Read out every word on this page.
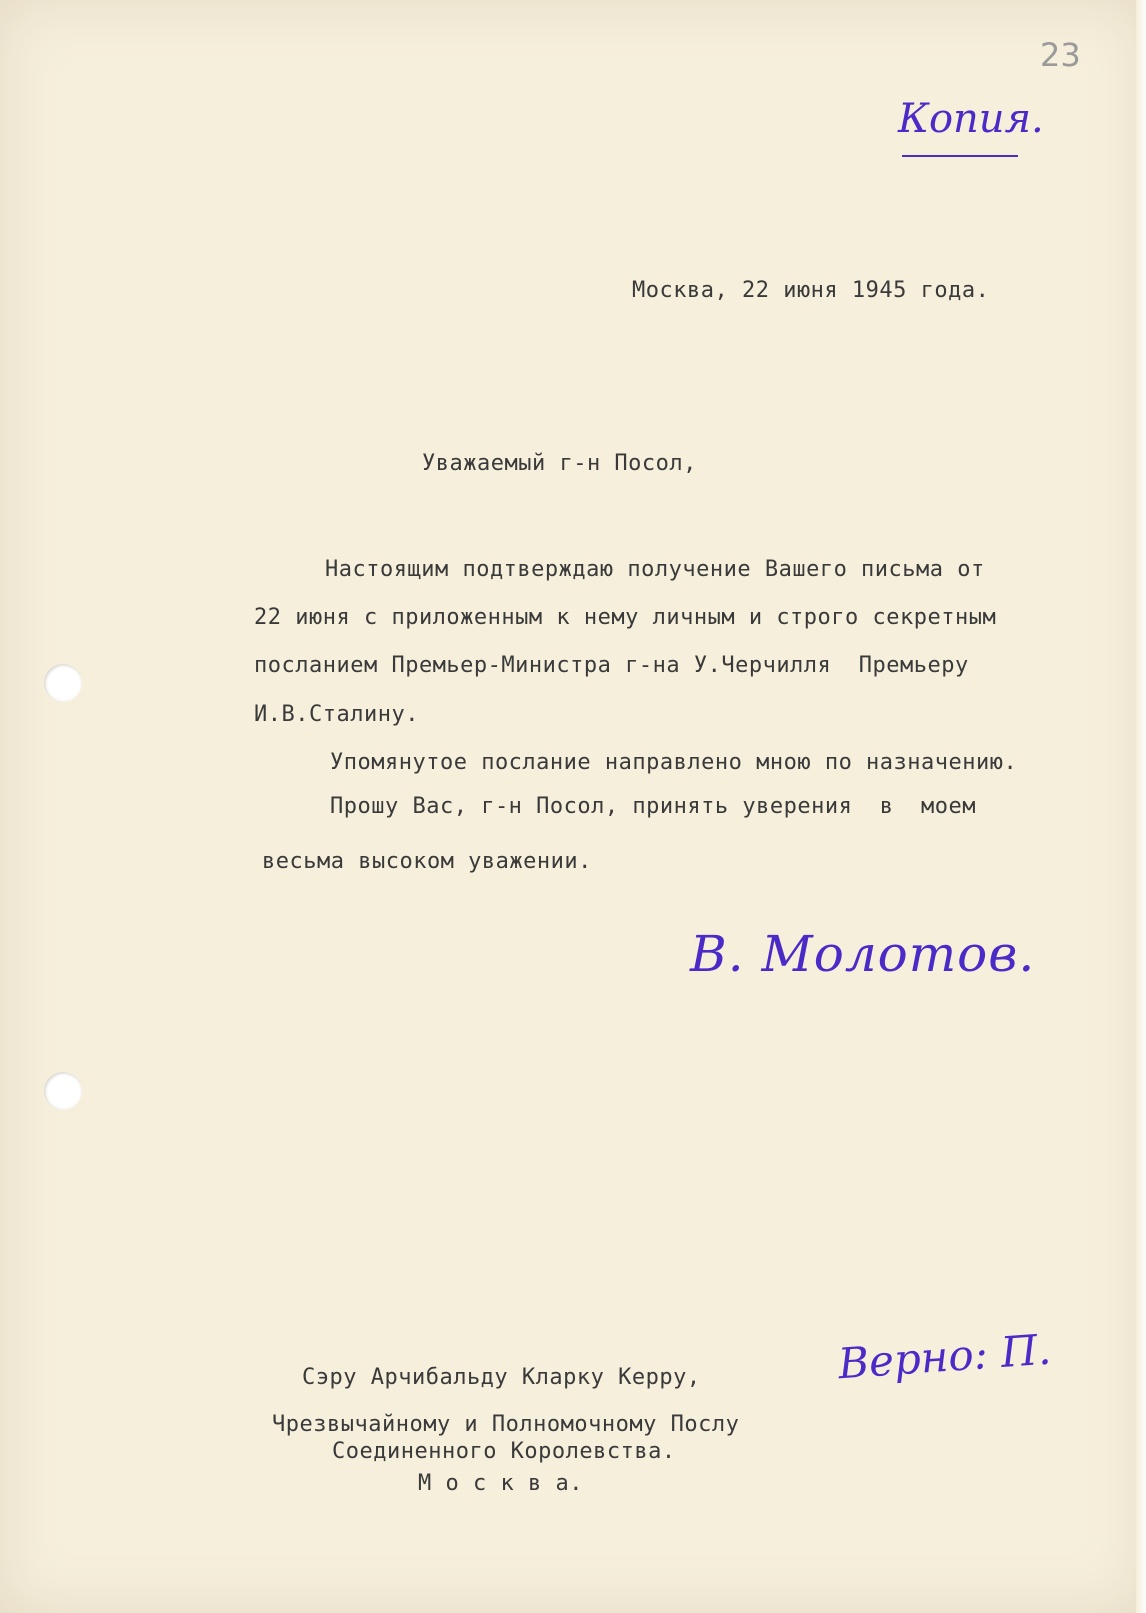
23
Копия.
Москва, 22 июня 1945 года.
Уважаемый г-н Посол,
Настоящим подтверждаю получение Вашего письма от
22 июня с приложенным к нему личным и строго секретным
посланием Премьер-Министра г-на У.Черчилля  Премьеру
И.В.Сталину.
Упомянутое послание направлено мною по назначению.
Прошу Вас, г-н Посол, принять уверения  в  моем
весьма высоком уважении.
В. Молотов.
Верно: П.
Сэру Арчибальду Кларку Керру,
Чрезвычайному и Полномочному Послу
Соединенного Королевства.
М о с к в а.
